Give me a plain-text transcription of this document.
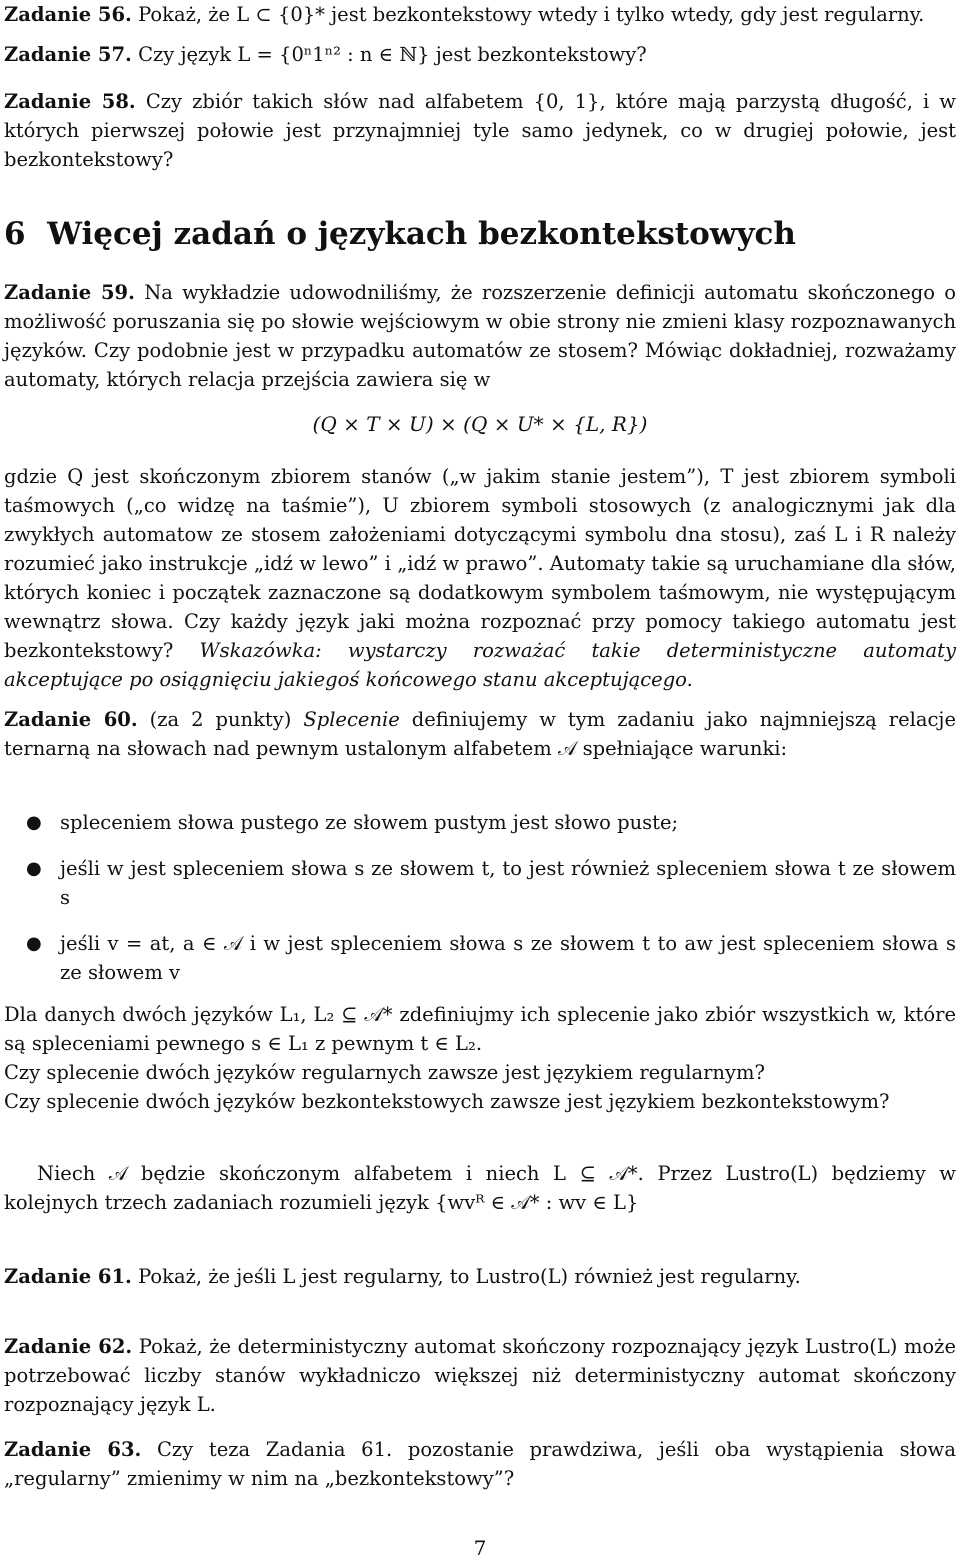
Zadanie 56. Pokaż, że L ⊂ {0}* jest bezkontekstowy wtedy i tylko wtedy, gdy jest regularny.

Zadanie 57. Czy język L = {0ⁿ1ⁿ² : n ∈ ℕ} jest bezkontekstowy?

Zadanie 58. Czy zbiór takich słów nad alfabetem {0, 1}, które mają parzystą długość, i w których pierwszej połowie jest przynajmniej tyle samo jedynek, co w drugiej połowie, jest bezkontekstowy?

6 Więcej zadań o językach bezkontekstowych

Zadanie 59. Na wykładzie udowodniliśmy, że rozszerzenie definicji automatu skończonego o możliwość poruszania się po słowie wejściowym w obie strony nie zmieni klasy rozpoznawanych języków. Czy podobnie jest w przypadku automatów ze stosem? Mówiąc dokładniej, rozważamy automaty, których relacja przejścia zawiera się w

(Q × T × U) × (Q × U* × {L, R})

gdzie Q jest skończonym zbiorem stanów („w jakim stanie jestem”), T jest zbiorem symboli taśmowych („co widzę na taśmie”), U zbiorem symboli stosowych (z analogicznymi jak dla zwykłych automatow ze stosem założeniami dotyczącymi symbolu dna stosu), zaś L i R należy rozumieć jako instrukcje „idź w lewo” i „idź w prawo”. Automaty takie są uruchamiane dla słów, których koniec i początek zaznaczone są dodatkowym symbolem taśmowym, nie występującym wewnątrz słowa. Czy każdy język jaki można rozpoznać przy pomocy takiego automatu jest bezkontekstowy? Wskazówka: wystarczy rozważać takie deterministyczne automaty akceptujące po osiągnięciu jakiegoś końcowego stanu akceptującego.

Zadanie 60. (za 2 punkty) Splecenie definiujemy w tym zadaniu jako najmniejszą relacje ternarną na słowach nad pewnym ustalonym alfabetem 𝒜 spełniające warunki:

● spleceniem słowa pustego ze słowem pustym jest słowo puste;
● jeśli w jest spleceniem słowa s ze słowem t, to jest również spleceniem słowa t ze słowem s
● jeśli v = at, a ∈ 𝒜 i w jest spleceniem słowa s ze słowem t to aw jest spleceniem słowa s ze słowem v

Dla danych dwóch języków L₁, L₂ ⊆ 𝒜* zdefiniujmy ich splecenie jako zbiór wszystkich w, które są spleceniami pewnego s ∈ L₁ z pewnym t ∈ L₂.

Czy splecenie dwóch języków regularnych zawsze jest językiem regularnym?

Czy splecenie dwóch języków bezkontekstowych zawsze jest językiem bezkontekstowym?

Niech 𝒜 będzie skończonym alfabetem i niech L ⊆ 𝒜*. Przez Lustro(L) będziemy w kolejnych trzech zadaniach rozumieli język {wvᴿ ∈ 𝒜* : wv ∈ L}

Zadanie 61. Pokaż, że jeśli L jest regularny, to Lustro(L) również jest regularny.

Zadanie 62. Pokaż, że deterministyczny automat skończony rozpoznający język Lustro(L) może potrzebować liczby stanów wykładniczo większej niż deterministyczny automat skończony rozpoznający język L.

Zadanie 63. Czy teza Zadania 61. pozostanie prawdziwa, jeśli oba wystąpienia słowa „regularny” zmienimy w nim na „bezkontekstowy”?

7
